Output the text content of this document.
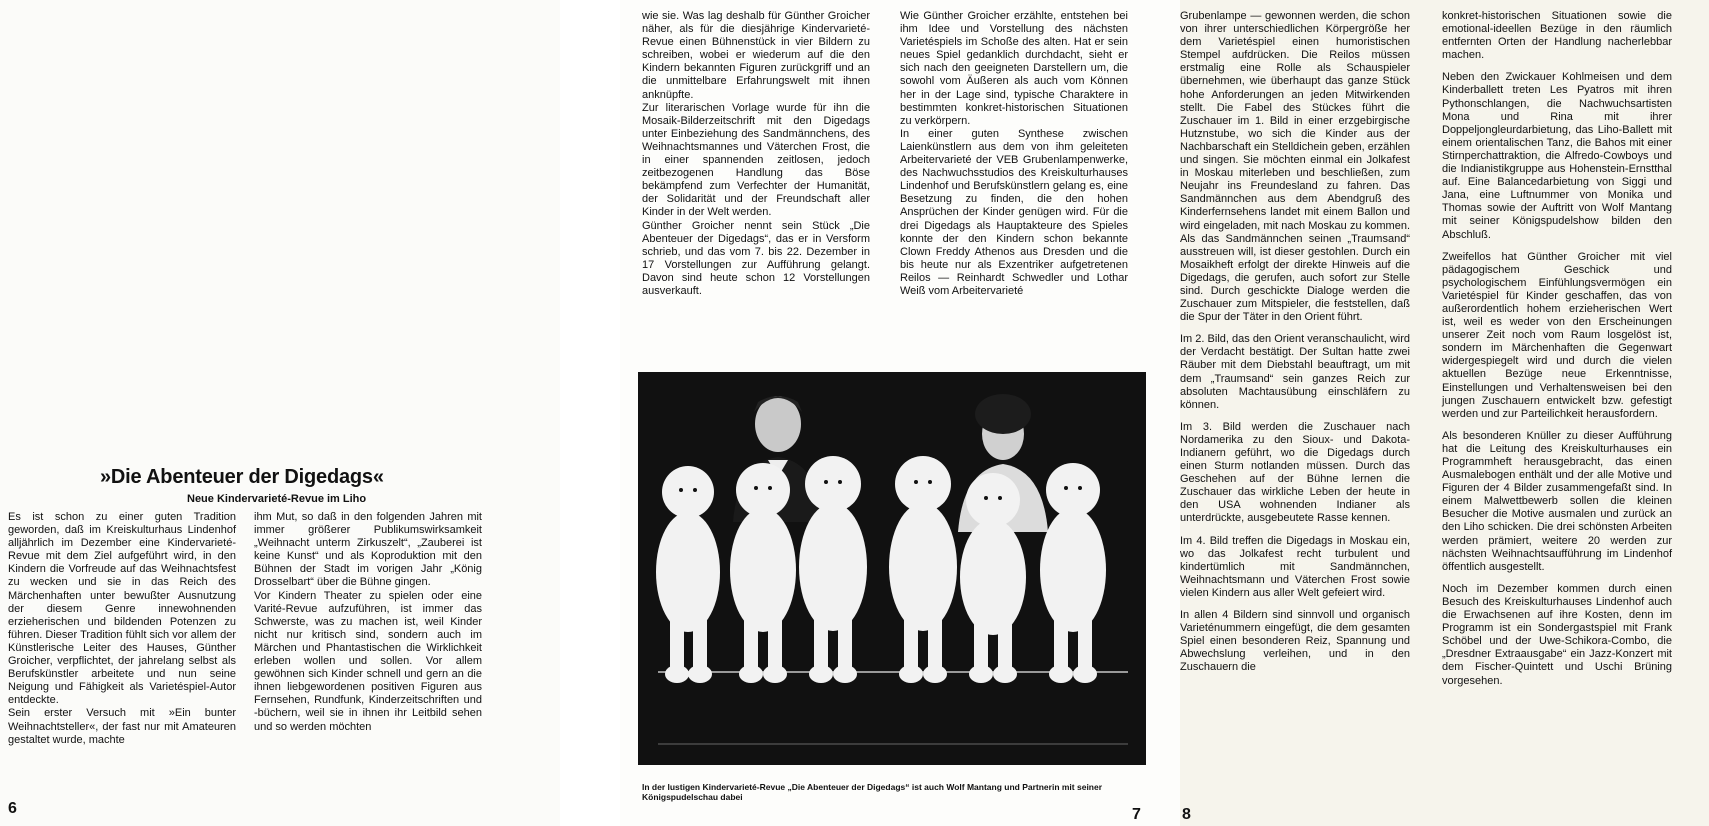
»Die Abenteuer der Digedags«
Neue Kindervarieté-Revue im Liho

Es ist schon zu einer guten Tradition geworden, daß im Kreiskulturhaus Lindenhof alljährlich im Dezember eine Kindervarieté-Revue mit dem Ziel aufgeführt wird, in den Kindern die Vorfreude auf das Weihnachtsfest zu wecken und sie in das Reich des Märchenhaften unter bewußter Ausnutzung der diesem Genre innewohnenden erzieherischen und bildenden Potenzen zu führen. Dieser Tradition fühlt sich vor allem der Künstlerische Leiter des Hauses, Günther Groicher, verpflichtet, der jahrelang selbst als Berufskünstler arbeitete und nun seine Neigung und Fähigkeit als Varietéspiel-Autor entdeckte.

Sein erster Versuch mit »Ein bunter Weihnachtsteller«, der fast nur mit Amateuren gestaltet wurde, machte

ihm Mut, so daß in den folgenden Jahren mit immer größerer Publikumswirksamkeit „Weihnacht unterm Zirkuszelt“, „Zauberei ist keine Kunst“ und als Koproduktion mit den Bühnen der Stadt im vorigen Jahr „König Drosselbart“ über die Bühne gingen.

Vor Kindern Theater zu spielen oder eine Varité-Revue aufzuführen, ist immer das Schwerste, was zu machen ist, weil Kinder nicht nur kritisch sind, sondern auch im Märchen und Phantastischen die Wirklichkeit erleben wollen und sollen. Vor allem gewöhnen sich Kinder schnell und gern an die ihnen liebgewordenen positiven Figuren aus Fernsehen, Rundfunk, Kinderzeitschriften und -büchern, weil sie in ihnen ihr Leitbild sehen und so werden möchten

6

wie sie. Was lag deshalb für Günther Groicher näher, als für die diesjährige Kindervarieté-Revue einen Bühnenstück in vier Bildern zu schreiben, wobei er wiederum auf die den Kindern bekannten Figuren zurückgriff und an die unmittelbare Erfahrungswelt mit ihnen anknüpfte.

Zur literarischen Vorlage wurde für ihn die Mosaik-Bilderzeitschrift mit den Digedags unter Einbeziehung des Sandmännchens, des Weihnachtsmannes und Väterchen Frost, die in einer spannenden zeitlosen, jedoch zeitbezogenen Handlung das Böse bekämpfend zum Verfechter der Humanität, der Solidarität und der Freundschaft aller Kinder in der Welt werden.

Günther Groicher nennt sein Stück „Die Abenteuer der Digedags“, das er in Versform schrieb, und das vom 7. bis 22. Dezember in 17 Vorstellungen zur Aufführung gelangt. Davon sind heute schon 12 Vorstellungen ausverkauft.

Wie Günther Groicher erzählte, entstehen bei ihm Idee und Vorstellung des nächsten Varietéspiels im Schoße des alten. Hat er sein neues Spiel gedanklich durchdacht, sieht er sich nach den geeigneten Darstellern um, die sowohl vom Äußeren als auch vom Können her in der Lage sind, typische Charaktere in bestimmten konkret-historischen Situationen zu verkörpern.

In einer guten Synthese zwischen Laienkünstlern aus dem von ihm geleiteten Arbeitervarieté der VEB Grubenlampenwerke, des Nachwuchsstudios des Kreiskulturhauses Lindenhof und Berufskünstlern gelang es, eine Besetzung zu finden, die den hohen Ansprüchen der Kinder genügen wird. Für die drei Digedags als Hauptakteure des Spieles konnte der den Kindern schon bekannte Clown Freddy Athenos aus Dresden und die bis heute nur als Exzentriker aufgetretenen Reilos — Reinhardt Schwedler und Lothar Weiß vom Arbeitervarieté

7
In der lustigen Kindervarieté-Revue „Die Abenteuer der Digedags“ ist auch Wolf Mantang und Partnerin mit seiner Königspudelschau dabei

Grubenlampe — gewonnen werden, die schon von ihrer unterschiedlichen Körpergröße her dem Varietéspiel einen humoristischen Stempel aufdrücken. Die Reilos müssen erstmalig eine Rolle als Schauspieler übernehmen, wie überhaupt das ganze Stück hohe Anforderungen an jeden Mitwirkenden stellt. Die Fabel des Stückes führt die Zuschauer im 1. Bild in einer erzgebirgische Hutznstube, wo sich die Kinder aus der Nachbarschaft ein Stelldichein geben, erzählen und singen. Sie möchten einmal ein Jolkafest in Moskau miterleben und beschließen, zum Neujahr ins Freundesland zu fahren. Das Sandmännchen aus dem Abendgruß des Kinderfernsehens landet mit einem Ballon und wird eingeladen, mit nach Moskau zu kommen. Als das Sandmännchen seinen „Traumsand“ ausstreuen will, ist dieser gestohlen. Durch ein Mosaikheft erfolgt der direkte Hinweis auf die Digedags, die gerufen, auch sofort zur Stelle sind. Durch geschickte Dialoge werden die Zuschauer zum Mitspieler, die feststellen, daß die Spur der Täter in den Orient führt.

Im 2. Bild, das den Orient veranschaulicht, wird der Verdacht bestätigt. Der Sultan hatte zwei Räuber mit dem Diebstahl beauftragt, um mit dem „Traumsand“ sein ganzes Reich zur absoluten Machtausübung einschläfern zu können.

Im 3. Bild werden die Zuschauer nach Nordamerika zu den Sioux- und Dakota-Indianern geführt, wo die Digedags durch einen Sturm notlanden müssen. Durch das Geschehen auf der Bühne lernen die Zuschauer das wirkliche Leben der heute in den USA wohnenden Indianer als unterdrückte, ausgebeutete Rasse kennen.

Im 4. Bild treffen die Digedags in Moskau ein, wo das Jolkafest recht turbulent und kindertümlich mit Sandmännchen, Weihnachtsmann und Väterchen Frost sowie vielen Kindern aus aller Welt gefeiert wird.

In allen 4 Bildern sind sinnvoll und organisch Varieténummern eingefügt, die dem gesamten Spiel einen besonderen Reiz, Spannung und Abwechslung verleihen, und in den Zuschauern die

konkret-historischen Situationen sowie die emotional-ideellen Bezüge in den räumlich entfernten Orten der Handlung nacherlebbar machen.

Neben den Zwickauer Kohlmeisen und dem Kinderballett treten Les Pyatros mit ihren Pythonschlangen, die Nachwuchsartisten Mona und Rina mit ihrer Doppeljongleurdarbietung, das Liho-Ballett mit einem orientalischen Tanz, die Bahos mit einer Stirnperchattraktion, die Alfredo-Cowboys und die Indianistikgruppe aus Hohenstein-Ernstthal auf. Eine Balancedarbietung von Siggi und Jana, eine Luftnummer von Monika und Thomas sowie der Auftritt von Wolf Mantang mit seiner Königspudelshow bilden den Abschluß.

Zweifellos hat Günther Groicher mit viel pädagogischem Geschick und psychologischem Einfühlungsvermögen ein Varietéspiel für Kinder geschaffen, das von außerordentlich hohem erzieherischen Wert ist, weil es weder von den Erscheinungen unserer Zeit noch vom Raum losgelöst ist, sondern im Märchenhaften die Gegenwart widergespiegelt wird und durch die vielen aktuellen Bezüge neue Erkenntnisse, Einstellungen und Verhaltensweisen bei den jungen Zuschauern entwickelt bzw. gefestigt werden und zur Parteilichkeit herausfordern.

Als besonderen Knüller zu dieser Aufführung hat die Leitung des Kreiskulturhauses ein Programmheft herausgebracht, das einen Ausmalebogen enthält und der alle Motive und Figuren der 4 Bilder zusammengefaßt sind. In einem Malwettbewerb sollen die kleinen Besucher die Motive ausmalen und zurück an den Liho schicken. Die drei schönsten Arbeiten werden prämiert, weitere 20 werden zur nächsten Weihnachtsaufführung im Lindenhof öffentlich ausgestellt.

Noch im Dezember kommen durch einen Besuch des Kreiskulturhauses Lindenhof auch die Erwachsenen auf ihre Kosten, denn im Programm ist ein Sondergastspiel mit Frank Schöbel und der Uwe-Schikora-Combo, die „Dresdner Extraausgabe“ ein Jazz-Konzert mit dem Fischer-Quintett und Uschi Brüning vorgesehen.

8
